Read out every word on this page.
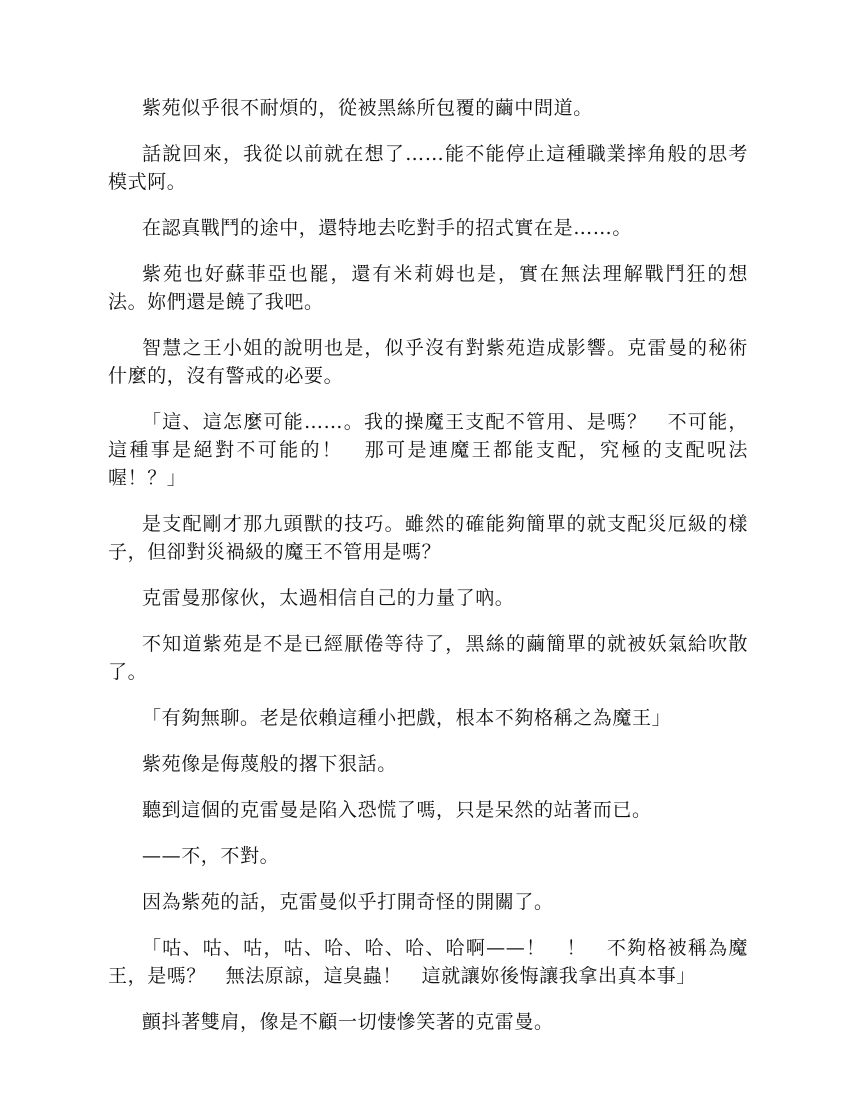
紫苑似乎很不耐煩的，從被黑絲所包覆的繭中問道。

話說回來，我從以前就在想了……能不能停止這種職業摔角般的思考模式阿。

在認真戰鬥的途中，還特地去吃對手的招式實在是……。

紫苑也好蘇菲亞也罷，還有米莉姆也是，實在無法理解戰鬥狂的想法。妳們還是饒了我吧。

智慧之王小姐的說明也是，似乎沒有對紫苑造成影響。克雷曼的秘術什麼的，沒有警戒的必要。

「這、這怎麼可能……。我的操魔王支配不管用、是嗎？　不可能，這種事是絕對不可能的！　那可是連魔王都能支配，究極的支配呪法喔！？」

是支配剛才那九頭獸的技巧。雖然的確能夠簡單的就支配災厄級的樣子，但卻對災禍級的魔王不管用是嗎？

克雷曼那傢伙，太過相信自己的力量了吶。

不知道紫苑是不是已經厭倦等待了，黑絲的繭簡單的就被妖氣給吹散了。

「有夠無聊。老是依賴這種小把戲，根本不夠格稱之為魔王」

紫苑像是侮蔑般的撂下狠話。

聽到這個的克雷曼是陷入恐慌了嗎，只是呆然的站著而已。

——不，不對。

因為紫苑的話，克雷曼似乎打開奇怪的開關了。

「咕、咕、咕，咕、哈、哈、哈、哈啊——！　！　不夠格被稱為魔王，是嗎？　無法原諒，這臭蟲！　這就讓妳後悔讓我拿出真本事」

顫抖著雙肩，像是不顧一切悽慘笑著的克雷曼。
